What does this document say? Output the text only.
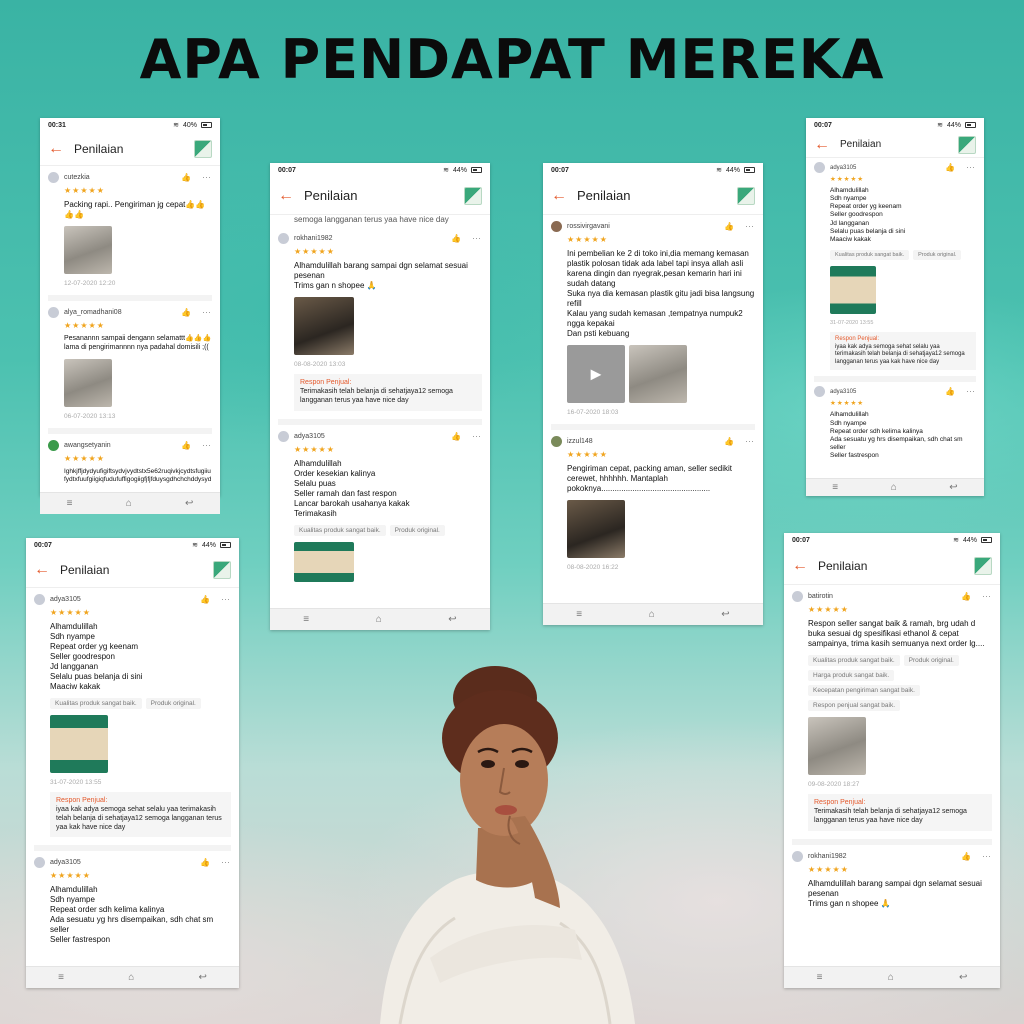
APA PENDAPAT MEREKA
00:31	≋ 40%
← Penilaian
cutezkia	👍 ⋯
★★★★★
Packing rapi.. Pengiriman jg cepat👍👍👍👍
12-07-2020 12:20
alya_romadhani08	👍 ⋯
★★★★★
Pesanannn sampaii dengann selamattt👍👍👍 lama di pengirimannnn nya padahal domisili ;((
06-07-2020 13:13
awangsetyanin	👍 ⋯
★★★★★
Ighkjffjdydyufigiftsydvjvydtstx5e62ruqivkjcydtsfugiiufydtxfuufgiigiqfudufuffigogiigfjfjfduysgdhchchddysyd
≡	⌂	↩
00:07	≋ 44%
← Penilaian
semoga langganan terus yaa have nice day
rokhani1982	👍 ⋯
★★★★★
Alhamdulillah barang sampai dgn selamat sesuai pesenan
Trims gan n shopee 🙏
08-08-2020 13:03
Respon Penjual:
Terimakasih telah belanja di sehatjaya12 semoga langganan terus yaa have nice day
adya3105	👍 ⋯
★★★★★
Alhamdulillah
Order kesekian kalinya
Selalu puas
Seller ramah dan fast respon
Lancar barokah usahanya kakak
Terimakasih
Kualitas produk sangat baik.	Produk original.
≡	⌂	↩
00:07	≋ 44%
← Penilaian
rossivirgavani	👍 ⋯
★★★★★
Ini pembelian ke 2 di toko ini,dia memang kemasan plastik polosan tidak ada label tapi insya allah asli karena dingin dan nyegrak,pesan kemarin hari ini sudah datang
Suka nya dia kemasan plastik gitu jadi bisa langsung refill
Kalau yang sudah kemasan ,tempatnya numpuk2 ngga kepakai
Dan psti kebuang
▶
16-07-2020 18:03
izzul148	👍 ⋯
★★★★★
Pengiriman cepat, packing aman, seller sedikit cerewet, hhhhhh. Mantaplah pokoknya.................................................
08-08-2020 16:22
≡	⌂	↩
00:07	≋ 44%
← Penilaian
adya3105	👍 ⋯
★★★★★
Alhamdulillah
Sdh nyampe
Repeat order yg keenam
Seller goodrespon
Jd langganan
Selalu puas belanja di sini
Maaciw kakak
Kualitas produk sangat baik.	Produk original.
31-07-2020 13:55
Respon Penjual:
iyaa kak adya semoga sehat selalu yaa terimakasih telah belanja di sehatjaya12 semoga langganan terus yaa kak have nice day
adya3105	👍 ⋯
★★★★★
Alhamdulillah
Sdh nyampe
Repeat order sdh kelima kalinya
Ada sesuatu yg hrs disempaikan, sdh chat sm seller
Seller fastrespon
≡	⌂	↩
00:07	≋ 44%
← Penilaian
adya3105	👍 ⋯
★★★★★
Alhamdulillah
Sdh nyampe
Repeat order yg keenam
Seller goodrespon
Jd langganan
Selalu puas belanja di sini
Maaciw kakak
Kualitas produk sangat baik.	Produk original.
31-07-2020 13:55
Respon Penjual:
iyaa kak adya semoga sehat selalu yaa terimakasih telah belanja di sehatjaya12 semoga langganan terus yaa kak have nice day
adya3105	👍 ⋯
★★★★★
Alhamdulillah
Sdh nyampe
Repeat order sdh kelima kalinya
Ada sesuatu yg hrs disempaikan, sdh chat sm seller
Seller fastrespon
≡	⌂	↩
00:07	≋ 44%
← Penilaian
batirotin	👍 ⋯
★★★★★
Respon seller sangat baik & ramah, brg udah d buka sesuai dg spesifikasi ethanol & cepat sampainya, trima kasih semuanya next order lg....
Kualitas produk sangat baik.	Produk original.
Harga produk sangat baik.
Kecepatan pengiriman sangat baik.
Respon penjual sangat baik.
09-08-2020 18:27
Respon Penjual:
Terimakasih telah belanja di sehatjaya12 semoga langganan terus yaa have nice day
rokhani1982	👍 ⋯
★★★★★
Alhamdulillah barang sampai dgn selamat sesuai pesenan
Trims gan n shopee 🙏
≡	⌂	↩
